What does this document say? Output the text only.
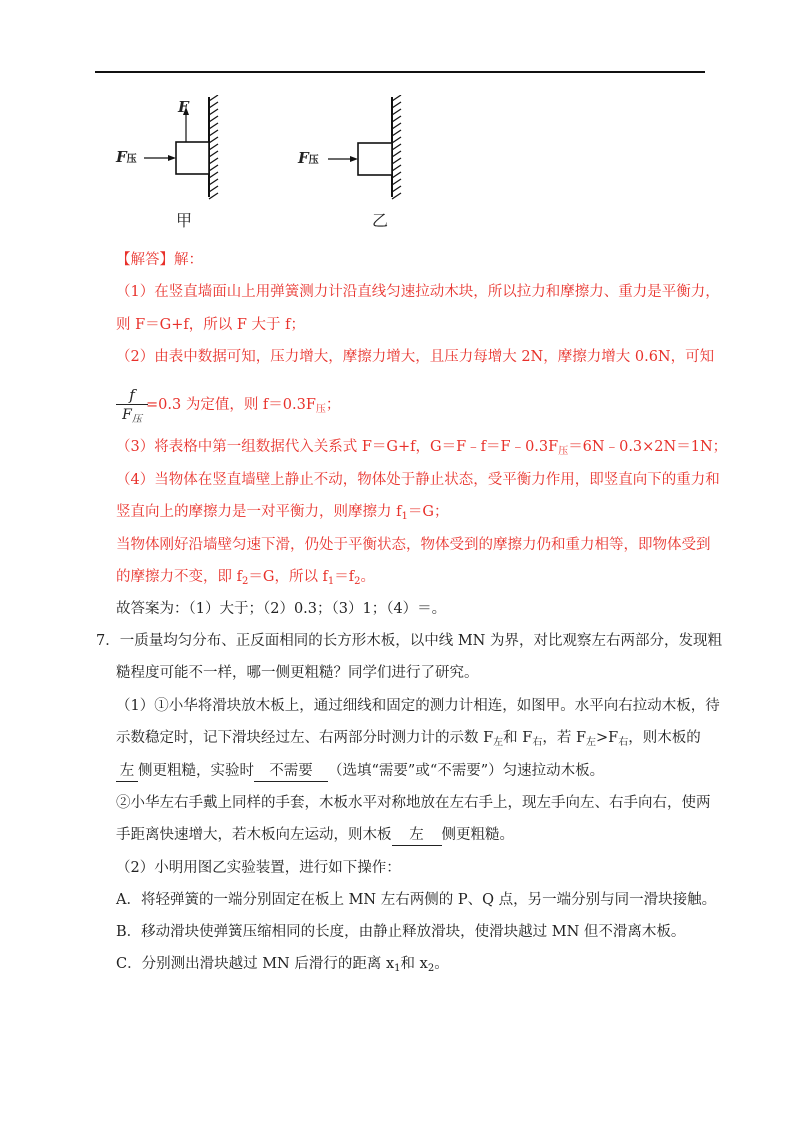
F
F压
甲
F压
乙
【解答】解：
（1）在竖直墙面山上用弹簧测力计沿直线匀速拉动木块，所以拉力和摩擦力、重力是平衡力，
则 F＝G+f，所以 F 大于 f；
（2）由表中数据可知，压力增大，摩擦力增大，且压力每增大 2N，摩擦力增大 0.6N，可知
f
$F_压$
=0.3 为定值，则 $f=0.3F_压$；
（3）将表格中第一组数据代入关系式 F＝G+f，$G=F﹣f=F﹣0.3F_压=6N﹣0.3\times 2N=1N$；
（4）当物体在竖直墙壁上静止不动，物体处于静止状态，受平衡力作用，即竖直向下的重力和
竖直向上的摩擦力是一对平衡力，则摩擦力 $f_1=G$；
当物体刚好沿墙壁匀速下滑，仍处于平衡状态，物体受到的摩擦力仍和重力相等，即物体受到
的摩擦力不变，即 $f_2=G$，所以 $f_1=f_2$。
故答案为：（1）大于；（2）0.3；（3）1；（4）＝。
7．一质量均匀分布、正反面相同的长方形木板，以中线 MN 为界，对比观察左右两部分，发现粗
糙程度可能不一样，哪一侧更粗糙？同学们进行了研究。
（1）①小华将滑块放木板上，通过细线和固定的测力计相连，如图甲。水平向右拉动木板，待
示数稳定时，记下滑块经过左、右两部分时测力计的示数 $F_左$和 $F_右$，若 $F_左>F_右$，则木板的
左 侧更粗糙，实验时 不需要 （选填“需要”或“不需要”）匀速拉动木板。
②小华左右手戴上同样的手套，木板水平对称地放在左右手上，现左手向左、右手向右，使两
手距离快速增大，若木板向左运动，则木板 左 侧更粗糙。
（2）小明用图乙实验装置，进行如下操作：
A．将轻弹簧的一端分别固定在板上 MN 左右两侧的 P、Q 点，另一端分别与同一滑块接触。
B．移动滑块使弹簧压缩相同的长度，由静止释放滑块，使滑块越过 MN 但不滑离木板。
C．分别测出滑块越过 MN 后滑行的距离 $x_1$和 $x_2$。
